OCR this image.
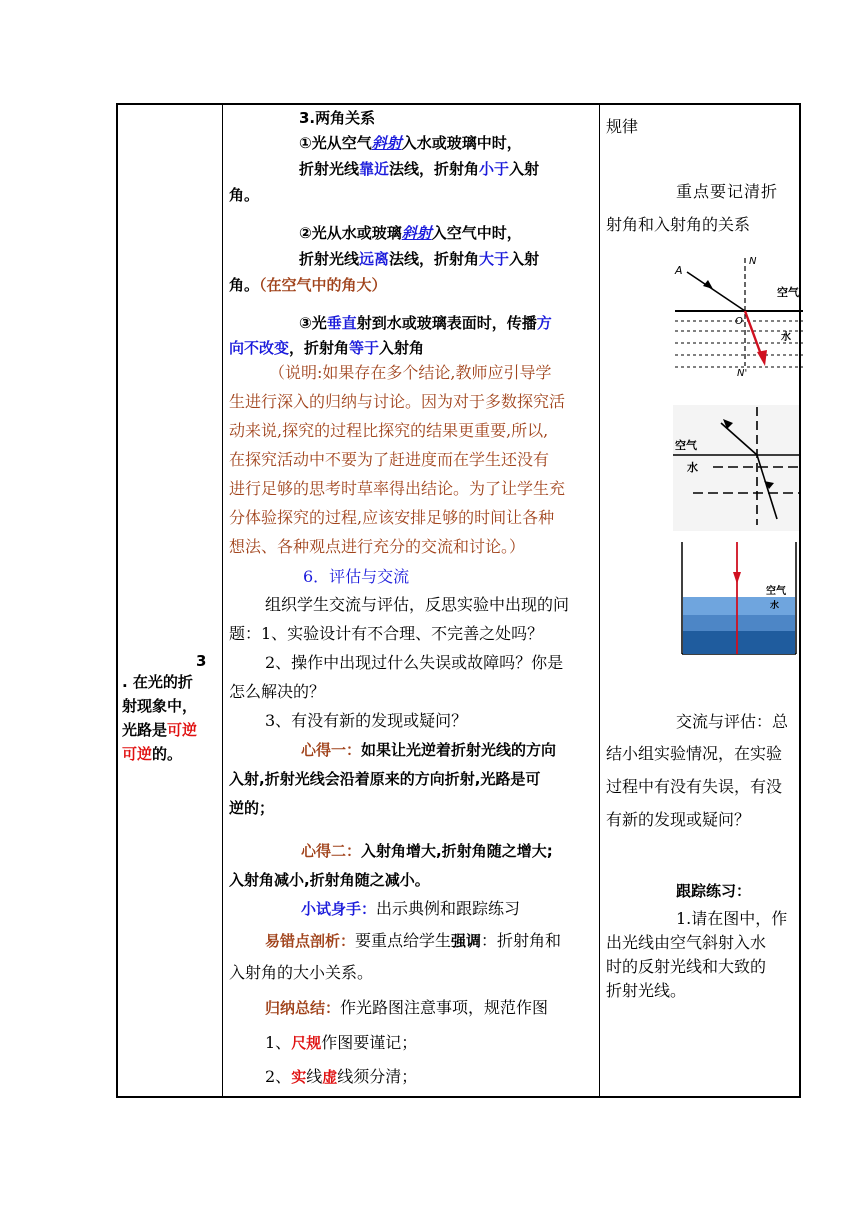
3
. 在光的折
射现象中，
光路是可逆
可逆的。
3.两角关系
①光从空气斜射入水或玻璃中时，
折射光线靠近法线，折射角小于入射
角。
②光从水或玻璃斜射入空气中时，
折射光线远离法线，折射角大于入射
角。（在空气中的角大）
③光垂直射到水或玻璃表面时，传播方
向不改变，折射角等于入射角
（说明:如果存在多个结论,教师应引导学
生进行深入的归纳与讨论。因为对于多数探究活
动来说,探究的过程比探究的结果更重要,所以,
在探究活动中不要为了赶进度而在学生还没有
进行足够的思考时草率得出结论。为了让学生充
分体验探究的过程,应该安排足够的时间让各种
想法、各种观点进行充分的交流和讨论。）
6．评估与交流
组织学生交流与评估，反思实验中出现的问
题：1、实验设计有不合理、不完善之处吗？
2、操作中出现过什么失误或故障吗？你是
怎么解决的？
3、有没有新的发现或疑问？
心得一：如果让光逆着折射光线的方向
入射,折射光线会沿着原来的方向折射,光路是可
逆的；
心得二：入射角增大,折射角随之增大;
入射角减小,折射角随之减小。
小试身手：出示典例和跟踪练习
易错点剖析：要重点给学生强调：折射角和
入射角的大小关系。
归纳总结：作光路图注意事项，规范作图
1、尺规作图要谨记；
2、实线虚线须分清；
规律
重点要记清折
射角和入射角的关系
A
N
O
N'
空气
水
空气
水
空气
水
交流与评估：总
结小组实验情况，在实验
过程中有没有失误，有没
有新的发现或疑问？
跟踪练习：
1.请在图中，作
出光线由空气斜射入水
时的反射光线和大致的
折射光线。
